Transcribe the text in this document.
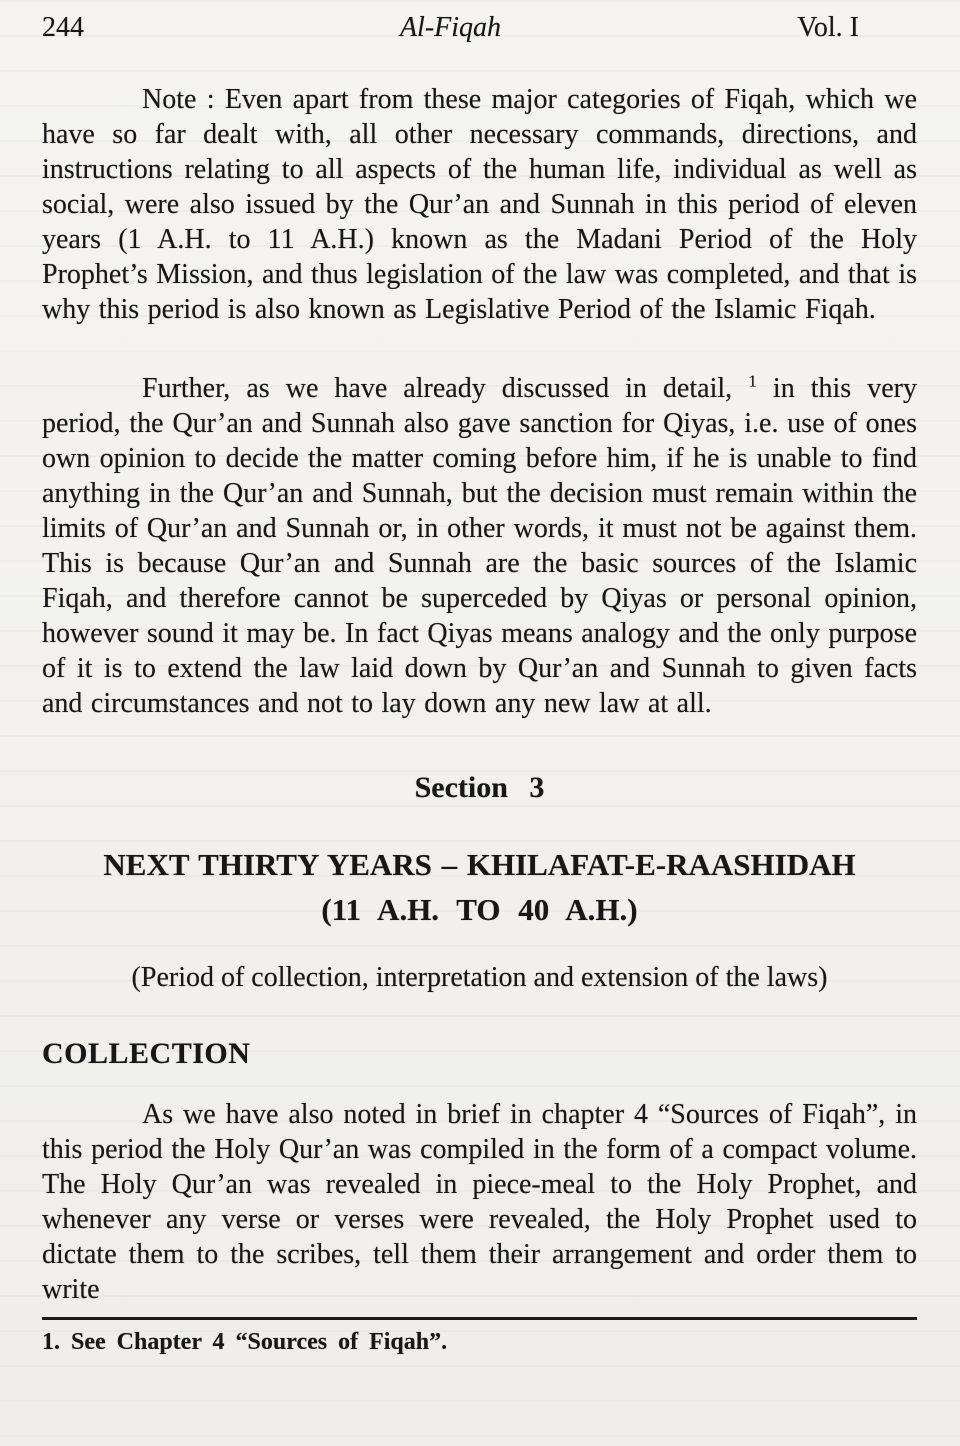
244	Al-Fiqah	Vol. I

Note : Even apart from these major categories of Fiqah, which we have so far dealt with, all other necessary commands, directions, and instructions relating to all aspects of the human life, individual as well as social, were also issued by the Qur’an and Sunnah in this period of eleven years (1 A.H. to 11 A.H.) known as the Madani Period of the Holy Prophet’s Mission, and thus legislation of the law was completed, and that is why this period is also known as Legislative Period of the Islamic Fiqah.

Further, as we have already discussed in detail, $^1$ in this very period, the Qur’an and Sunnah also gave sanction for Qiyas, i.e. use of ones own opinion to decide the matter coming before him, if he is unable to find anything in the Qur’an and Sunnah, but the decision must remain within the limits of Qur’an and Sunnah or, in other words, it must not be against them. This is because Qur’an and Sunnah are the basic sources of the Islamic Fiqah, and therefore cannot be superceded by Qiyas or personal opinion, however sound it may be. In fact Qiyas means analogy and the only purpose of it is to extend the law laid down by Qur’an and Sunnah to given facts and circumstances and not to lay down any new law at all.

Section 3
NEXT THIRTY YEARS – KHILAFAT-E-RAASHIDAH
(11 A.H. TO 40 A.H.)
(Period of collection, interpretation and extension of the laws)
COLLECTION

As we have also noted in brief in chapter 4 “Sources of Fiqah”, in this period the Holy Qur’an was compiled in the form of a compact volume. The Holy Qur’an was revealed in piece-meal to the Holy Prophet, and whenever any verse or verses were revealed, the Holy Prophet used to dictate them to the scribes, tell them their arrangement and order them to write

1. See Chapter 4 “Sources of Fiqah”.
